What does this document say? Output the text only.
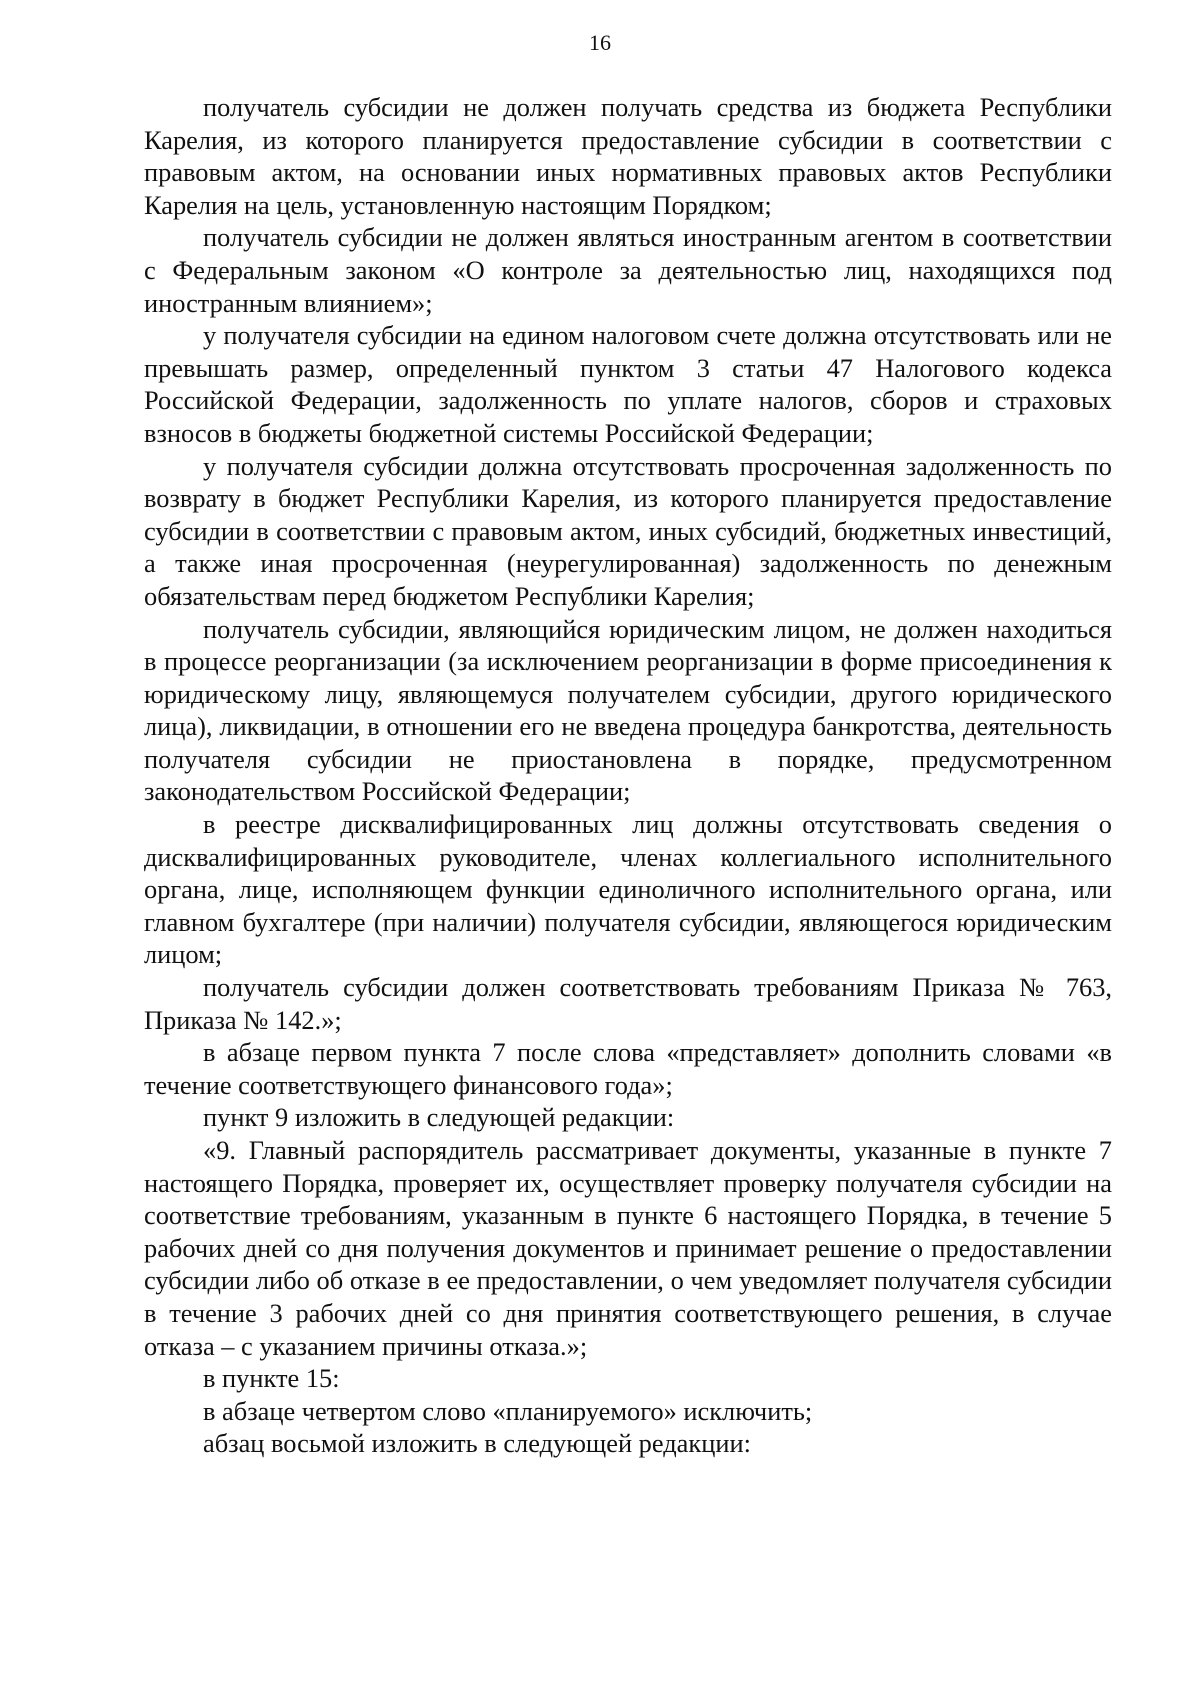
16

получатель субсидии не должен получать средства из бюджета Республики Карелия, из которого планируется предоставление субсидии в соответствии с правовым актом, на основании иных нормативных правовых актов Республики Карелия на цель, установленную настоящим Порядком;

получатель субсидии не должен являться иностранным агентом в соответствии с Федеральным законом «О контроле за деятельностью лиц, находящихся под иностранным влиянием»;

у получателя субсидии на едином налоговом счете должна отсутствовать или не превышать размер, определенный пунктом 3 статьи 47 Налогового кодекса Российской Федерации, задолженность по уплате налогов, сборов и страховых взносов в бюджеты бюджетной системы Российской Федерации;

у получателя субсидии должна отсутствовать просроченная задолженность по возврату в бюджет Республики Карелия, из которого планируется предоставление субсидии в соответствии с правовым актом, иных субсидий, бюджетных инвестиций, а также иная просроченная (неурегулированная) задолженность по денежным обязательствам перед бюджетом Республики Карелия;

получатель субсидии, являющийся юридическим лицом, не должен находиться в процессе реорганизации (за исключением реорганизации в форме присоединения к юридическому лицу, являющемуся получателем субсидии, другого юридического лица), ликвидации, в отношении его не введена процедура банкротства, деятельность получателя субсидии не приостановлена в порядке, предусмотренном законодательством Российской Федерации;

в реестре дисквалифицированных лиц должны отсутствовать сведения о дисквалифицированных руководителе, членах коллегиального исполнительного органа, лице, исполняющем функции единоличного исполнительного органа, или главном бухгалтере (при наличии) получателя субсидии, являющегося юридическим лицом;

получатель субсидии должен соответствовать требованиям Приказа № 763, Приказа № 142.»;

в абзаце первом пункта 7 после слова «представляет» дополнить словами «в течение соответствующего финансового года»;

пункт 9 изложить в следующей редакции:

«9. Главный распорядитель рассматривает документы, указанные в пункте 7 настоящего Порядка, проверяет их, осуществляет проверку получателя субсидии на соответствие требованиям, указанным в пункте 6 настоящего Порядка, в течение 5 рабочих дней со дня получения документов и принимает решение о предоставлении субсидии либо об отказе в ее предоставлении, о чем уведомляет получателя субсидии в течение 3 рабочих дней со дня принятия соответствующего решения, в случае отказа – с указанием причины отказа.»;

в пункте 15:

в абзаце четвертом слово «планируемого» исключить;

абзац восьмой изложить в следующей редакции:
